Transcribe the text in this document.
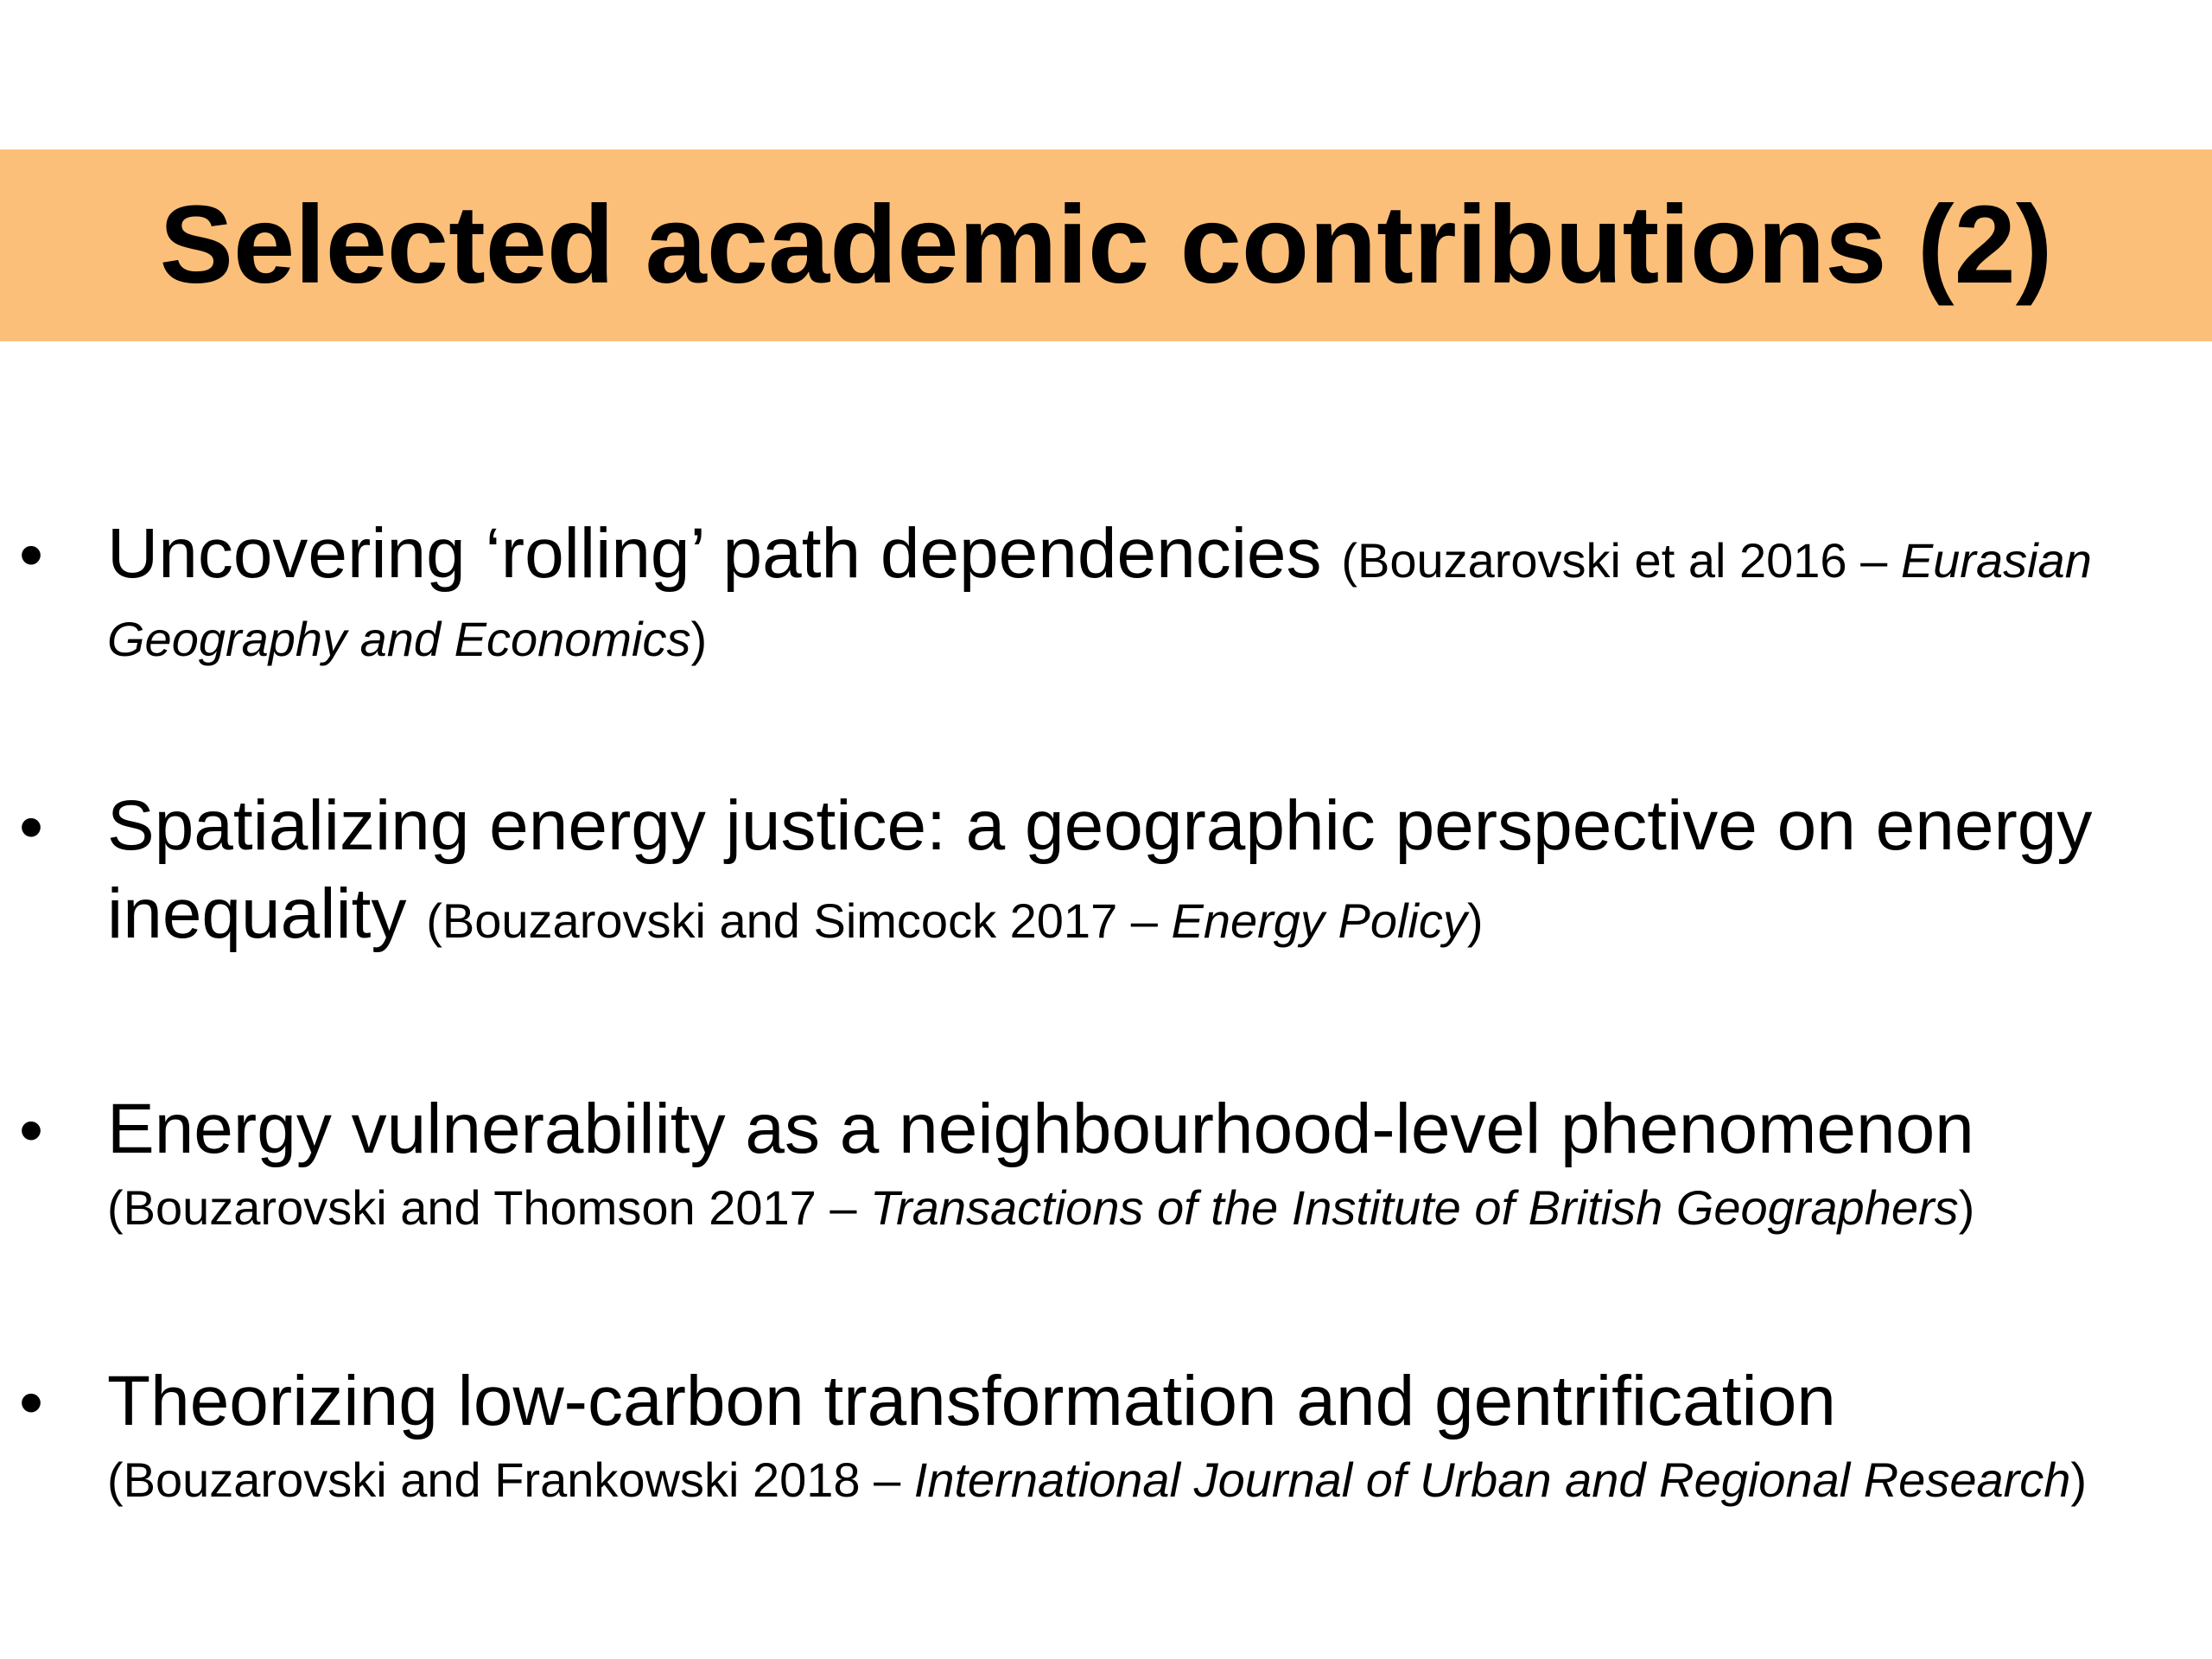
Selected academic contributions (2)
• Uncovering ‘rolling’ path dependencies (Bouzarovski et al 2016 – Eurasian
Geography and Economics)
• Spatializing energy justice: a geographic perspective on energy
inequality (Bouzarovski and Simcock 2017 – Energy Policy)
• Energy vulnerability as a neighbourhood-level phenomenon
(Bouzarovski and Thomson 2017 – Transactions of the Institute of British Geographers)
• Theorizing low-carbon transformation and gentrification
(Bouzarovski and Frankowski 2018 – International Journal of Urban and Regional Research)
